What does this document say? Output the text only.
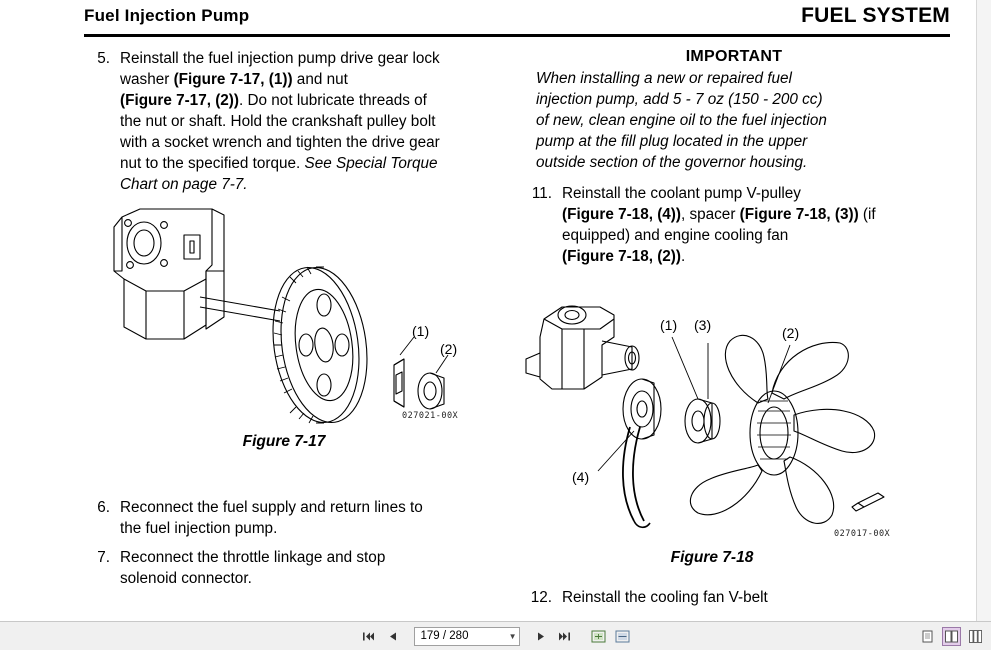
Fuel Injection Pump	FUEL SYSTEM
5. Reinstall the fuel injection pump drive gear lock
washer (Figure 7-17, (1)) and nut
(Figure 7-17, (2)). Do not lubricate threads of
the nut or shaft. Hold the crankshaft pulley bolt
with a socket wrench and tighten the drive gear
nut to the specified torque. See Special Torque
Chart on page 7-7.
(1)
(2)
027021-00X
Figure 7-17
6. Reconnect the fuel supply and return lines to
the fuel injection pump.
7. Reconnect the throttle linkage and stop
solenoid connector.
IMPORTANT
When installing a new or repaired fuel
injection pump, add 5 - 7 oz (150 - 200 cc)
of new, clean engine oil to the fuel injection
pump at the fill plug located in the upper
outside section of the governor housing.
11. Reinstall the coolant pump V-pulley
(Figure 7-18, (4)), spacer (Figure 7-18, (3)) (if
equipped) and engine cooling fan
(Figure 7-18, (2)).
(1) (3)	(2)
(4)
027017-00X
Figure 7-18
12. Reinstall the cooling fan V-belt
179 / 280	▼
